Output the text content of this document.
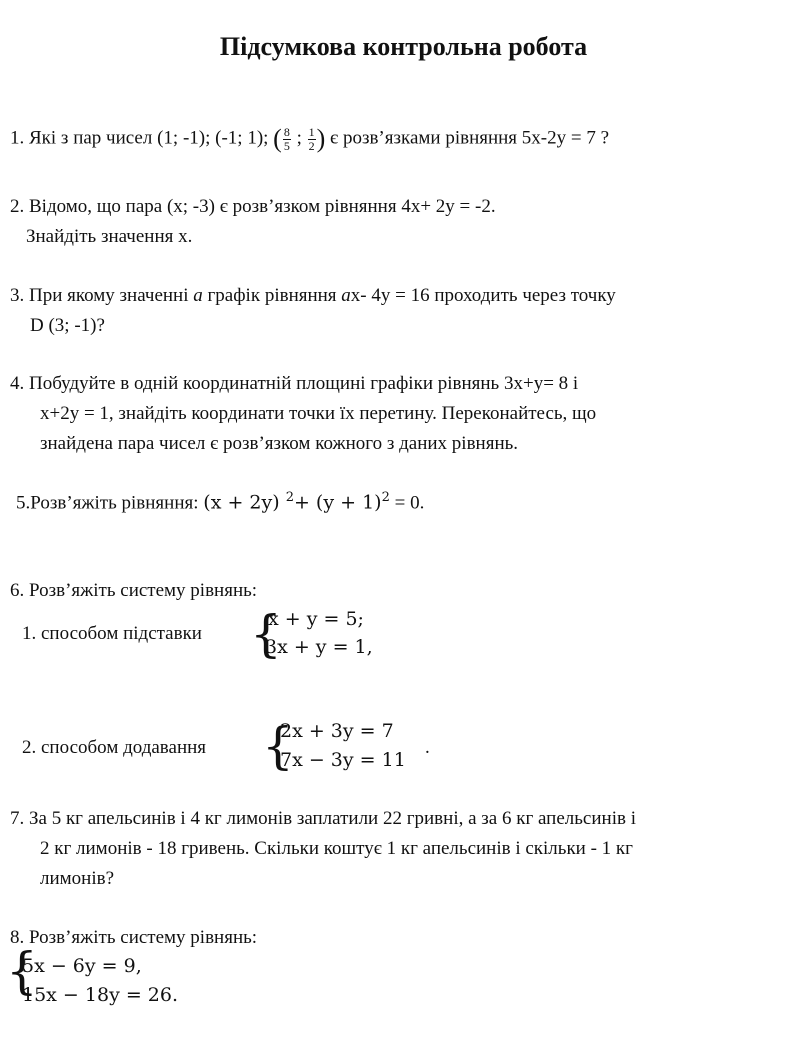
Підсумкова контрольна робота
1. Які з пар чисел (1; -1); (-1; 1); ( $\frac{8}{5}$ ; $\frac{1}{2}$ ) є розв’язками рівняння 5х-2у = 7 ?
2. Відомо, що пара (х; -3) є розв’язком рівняння 4х+ 2у = -2.
Знайдіть значення х.
3. При якому значенні а графік рівняння ах- 4у = 16 проходить через точку
D (3; -1)?
4. Побудуйте в одній координатній площині графіки рівнянь 3х+у= 8 і
х+2у = 1, знайдіть координати точки їх перетину. Переконайтесь, що
знайдена пара чисел є розв’язком кожного з даних рівнянь.
5.Розв’яжіть рівняння: (x + 2y) $^2+ (y + 1)^2 = 0$.
6. Розв’яжіть систему рівнянь:
1. способом підставки {
x + y = 5;
3x + y = 1,
2. способом додавання {
2x + 3y = 7
7x − 3y = 11
.
7. За 5 кг апельсинів і 4 кг лимонів заплатили 22 гривні, а за 6 кг апельсинів і
2 кг лимонів - 18 гривень. Скільки коштує 1 кг апельсинів і скільки - 1 кг
лимонів?
8. Розв’яжіть систему рівнянь:
{
5x − 6y = 9,
15x − 18y = 26.
